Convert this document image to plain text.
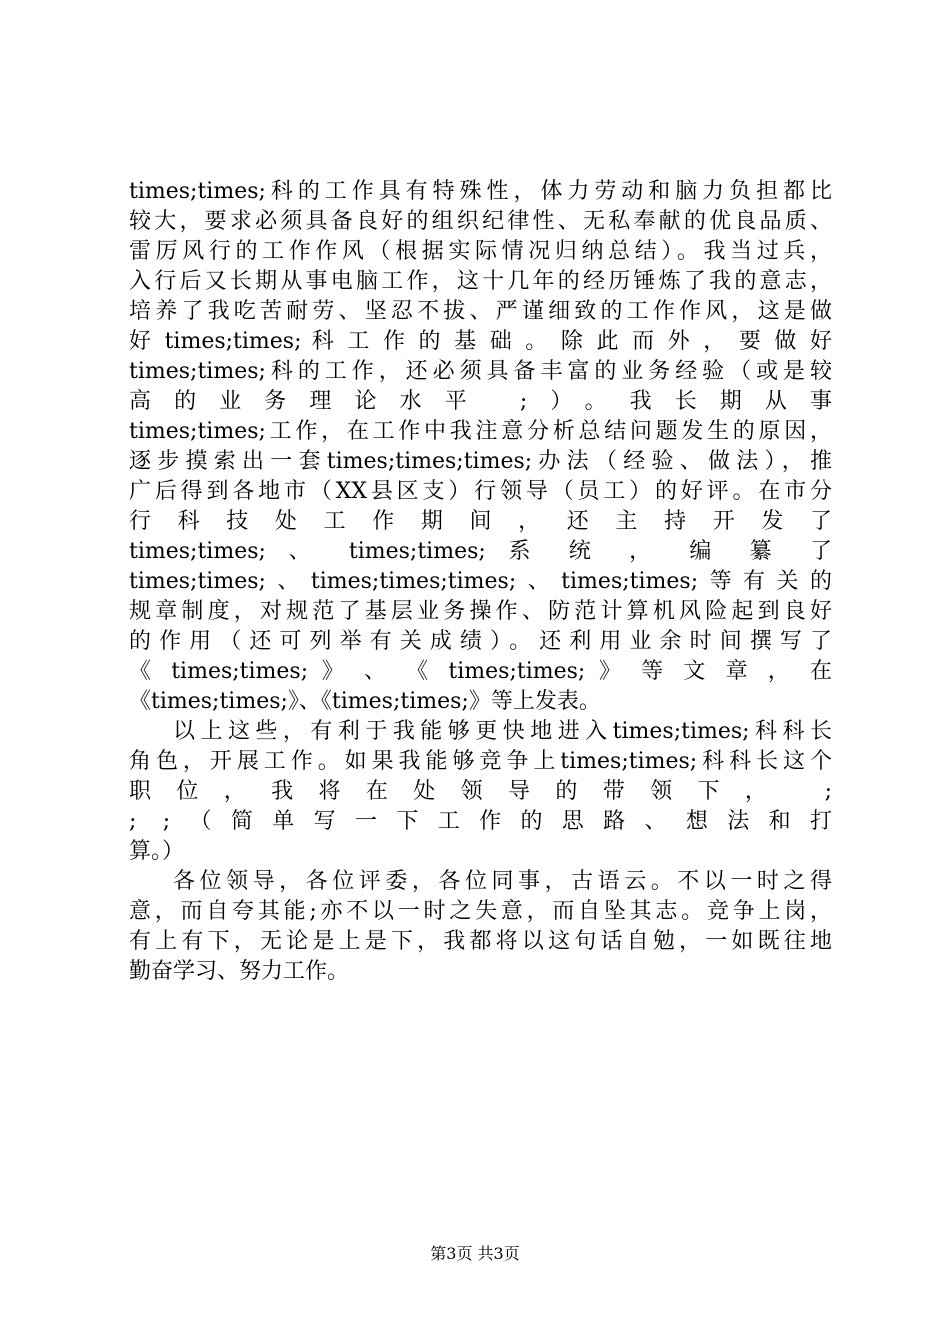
times;times;科的工作具有特殊性，体力劳动和脑力负担都比
较大，要求必须具备良好的组织纪律性、无私奉献的优良品质、
雷厉风行的工作作风（根据实际情况归纳总结）。我当过兵，
入行后又长期从事电脑工作，这十几年的经历锤炼了我的意志，
培养了我吃苦耐劳、坚忍不拔、严谨细致的工作作风，这是做
好 times;times; 科 工 作 的 基 础 。 除 此 而 外 ， 要 做 好
times;times;科的工作，还必须具备丰富的业务经验（或是较
高的业务理论水平 ;）。我长期从事
times;times;工作，在工作中我注意分析总结问题发生的原因，
逐步摸索出一套times;times;times;办法（经验、做法），推
广后得到各地市（XX县区支）行领导（员工）的好评。在市分
行 科 技 处 工 作 期 间 ， 还 主 持 开 发 了
times;times; 、 times;times; 系 统 ， 编 纂 了
times;times;、times;times;times;、times;times;等有关的
规章制度，对规范了基层业务操作、防范计算机风险起到良好
的作用（还可列举有关成绩）。还利用业余时间撰写了
《 times;times; 》 、 《 times;times; 》 等 文 章 ， 在
《times;times;》、《times;times;》等上发表。
以上这些，有利于我能够更快地进入times;times;科科长
角色，开展工作。如果我能够竞争上times;times;科科长这个
职位，我将在处领导的带领下， ;
; ;（简单写一下工作的思路、想法和打
算。）
各位领导，各位评委，各位同事，古语云。不以一时之得
意，而自夸其能;亦不以一时之失意，而自坠其志。竞争上岗，
有上有下，无论是上是下，我都将以这句话自勉，一如既往地
勤奋学习、努力工作。
第3页 共3页
